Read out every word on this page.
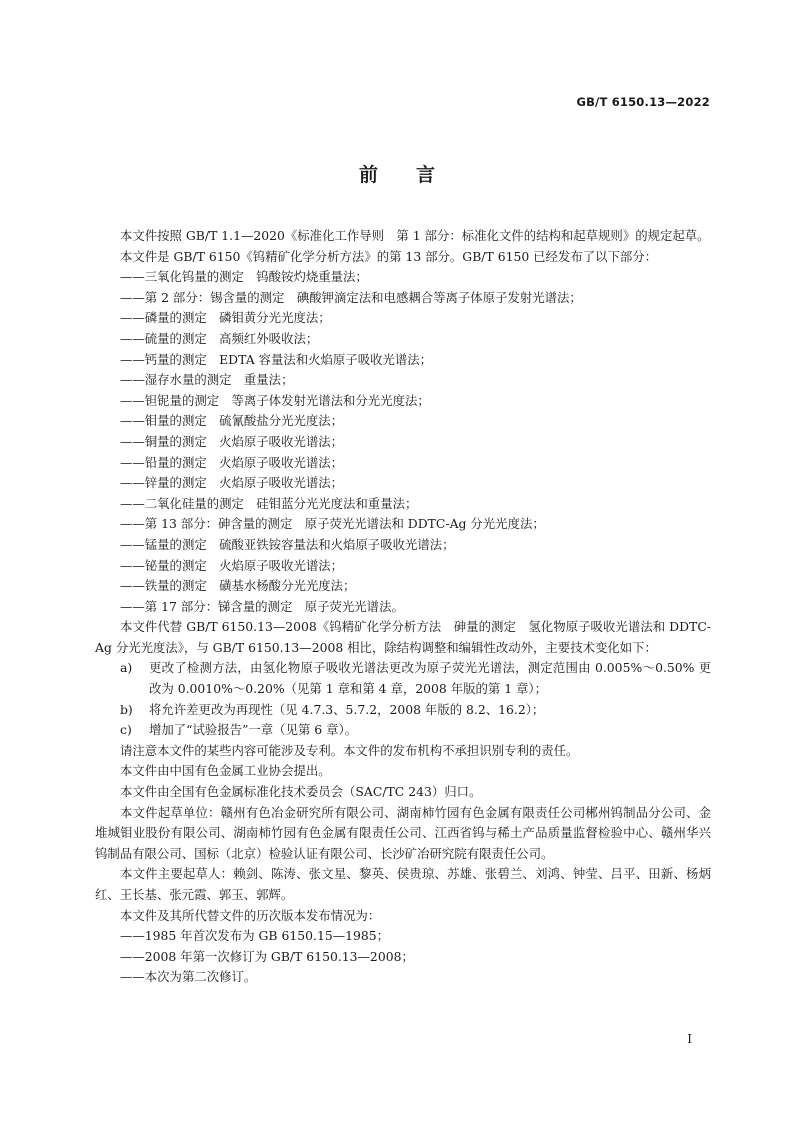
GB/T 6150.13—2022
前言

本文件按照 GB/T 1.1—2020《标准化工作导则　第 1 部分：标准化文件的结构和起草规则》的规定起草。

本文件是 GB/T 6150《钨精矿化学分析方法》的第 13 部分。GB/T 6150 已经发布了以下部分：

——三氧化钨量的测定　钨酸铵灼烧重量法；

——第 2 部分：锡含量的测定　碘酸钾滴定法和电感耦合等离子体原子发射光谱法；

——磷量的测定　磷钼黄分光光度法；

——硫量的测定　高频红外吸收法；

——钙量的测定　EDTA 容量法和火焰原子吸收光谱法；

——湿存水量的测定　重量法；

——钽铌量的测定　等离子体发射光谱法和分光光度法；

——钼量的测定　硫氰酸盐分光光度法；

——铜量的测定　火焰原子吸收光谱法；

——铅量的测定　火焰原子吸收光谱法；

——锌量的测定　火焰原子吸收光谱法；

——二氧化硅量的测定　硅钼蓝分光光度法和重量法；

——第 13 部分：砷含量的测定　原子荧光光谱法和 DDTC-Ag 分光光度法；

——锰量的测定　硫酸亚铁铵容量法和火焰原子吸收光谱法；

——铋量的测定　火焰原子吸收光谱法；

——铁量的测定　磺基水杨酸分光光度法；

——第 17 部分：锑含量的测定　原子荧光光谱法。

本文件代替 GB/T 6150.13—2008《钨精矿化学分析方法　砷量的测定　氢化物原子吸收光谱法和 DDTC-Ag 分光光度法》，与 GB/T 6150.13—2008 相比，除结构调整和编辑性改动外，主要技术变化如下：

a) 更改了检测方法，由氢化物原子吸收光谱法更改为原子荧光光谱法，测定范围由 0.005%～0.50% 更改为 0.0010%～0.20%（见第 1 章和第 4 章，2008 年版的第 1 章）；

b) 将允许差更改为再现性（见 4.7.3、5.7.2，2008 年版的 8.2、16.2）；

c) 增加了“试验报告”一章（见第 6 章）。

请注意本文件的某些内容可能涉及专利。本文件的发布机构不承担识别专利的责任。

本文件由中国有色金属工业协会提出。

本文件由全国有色金属标准化技术委员会（SAC/TC 243）归口。

本文件起草单位：赣州有色冶金研究所有限公司、湖南柿竹园有色金属有限责任公司郴州钨制品分公司、金堆城钼业股份有限公司、湖南柿竹园有色金属有限责任公司、江西省钨与稀土产品质量监督检验中心、赣州华兴钨制品有限公司、国标（北京）检验认证有限公司、长沙矿冶研究院有限责任公司。

本文件主要起草人：赖剑、陈涛、张文星、黎英、侯贵琼、苏雄、张碧兰、刘鸿、钟莹、吕平、田新、杨炳红、王长基、张元霞、郭玉、郭辉。

本文件及其所代替文件的历次版本发布情况为：

——1985 年首次发布为 GB 6150.15—1985；

——2008 年第一次修订为 GB/T 6150.13—2008；

——本次为第二次修订。

I
